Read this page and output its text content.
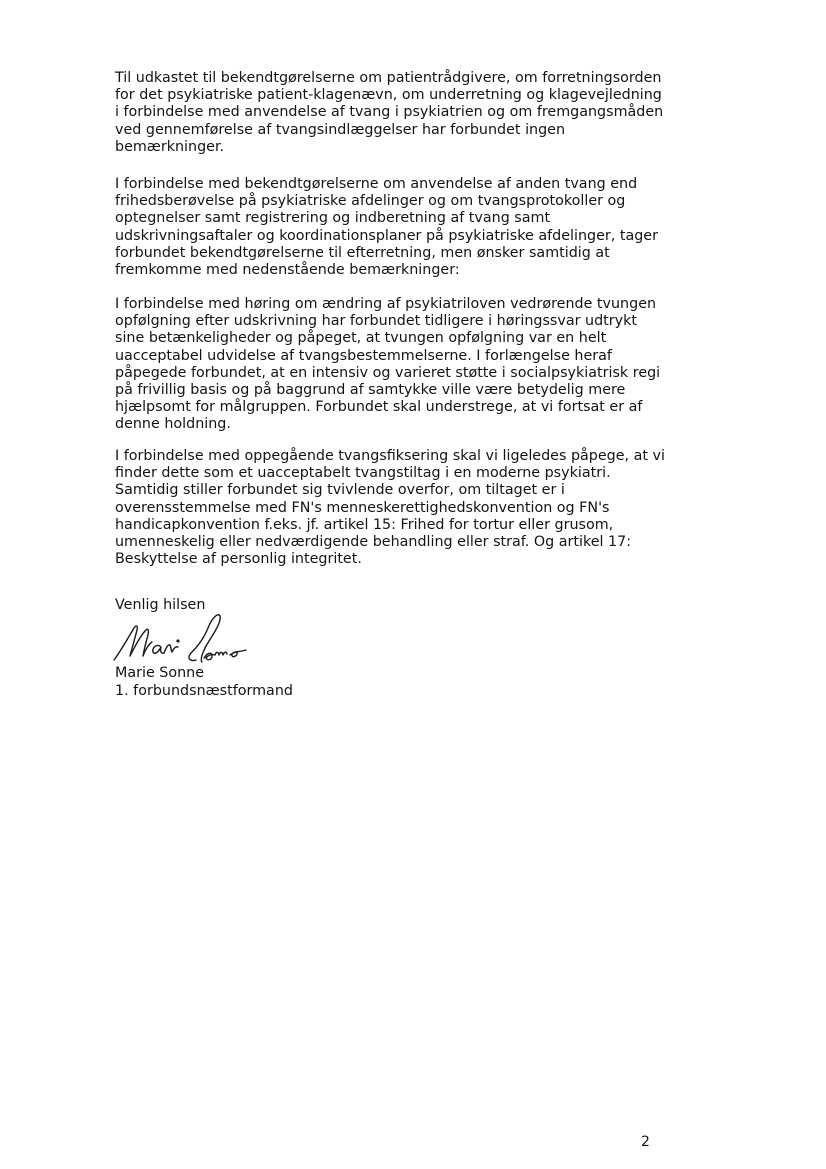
Til udkastet til bekendtgørelserne om patientrådgivere, om forretningsorden
for det psykiatriske patient-klagenævn, om underretning og klagevejledning
i forbindelse med anvendelse af tvang i psykiatrien og om fremgangsmåden
ved gennemførelse af tvangsindlæggelser har forbundet ingen
bemærkninger.

I forbindelse med bekendtgørelserne om anvendelse af anden tvang end
frihedsberøvelse på psykiatriske afdelinger og om tvangsprotokoller og
optegnelser samt registrering og indberetning af tvang samt
udskrivningsaftaler og koordinationsplaner på psykiatriske afdelinger, tager
forbundet bekendtgørelserne til efterretning, men ønsker samtidig at
fremkomme med nedenstående bemærkninger:

I forbindelse med høring om ændring af psykiatriloven vedrørende tvungen
opfølgning efter udskrivning har forbundet tidligere i høringssvar udtrykt
sine betænkeligheder og påpeget, at tvungen opfølgning var en helt
uacceptabel udvidelse af tvangsbestemmelserne. I forlængelse heraf
påpegede forbundet, at en intensiv og varieret støtte i socialpsykiatrisk regi
på frivillig basis og på baggrund af samtykke ville være betydelig mere
hjælpsomt for målgruppen. Forbundet skal understrege, at vi fortsat er af
denne holdning.

I forbindelse med oppegående tvangsfiksering skal vi ligeledes påpege, at vi
finder dette som et uacceptabelt tvangstiltag i en moderne psykiatri.
Samtidig stiller forbundet sig tvivlende overfor, om tiltaget er i
overensstemmelse med FN's menneskerettighedskonvention og FN's
handicapkonvention f.eks. jf. artikel 15: Frihed for tortur eller grusom,
umenneskelig eller nedværdigende behandling eller straf. Og artikel 17:
Beskyttelse af personlig integritet.

Venlig hilsen
Marie Sonne
1. forbundsnæstformand
2
